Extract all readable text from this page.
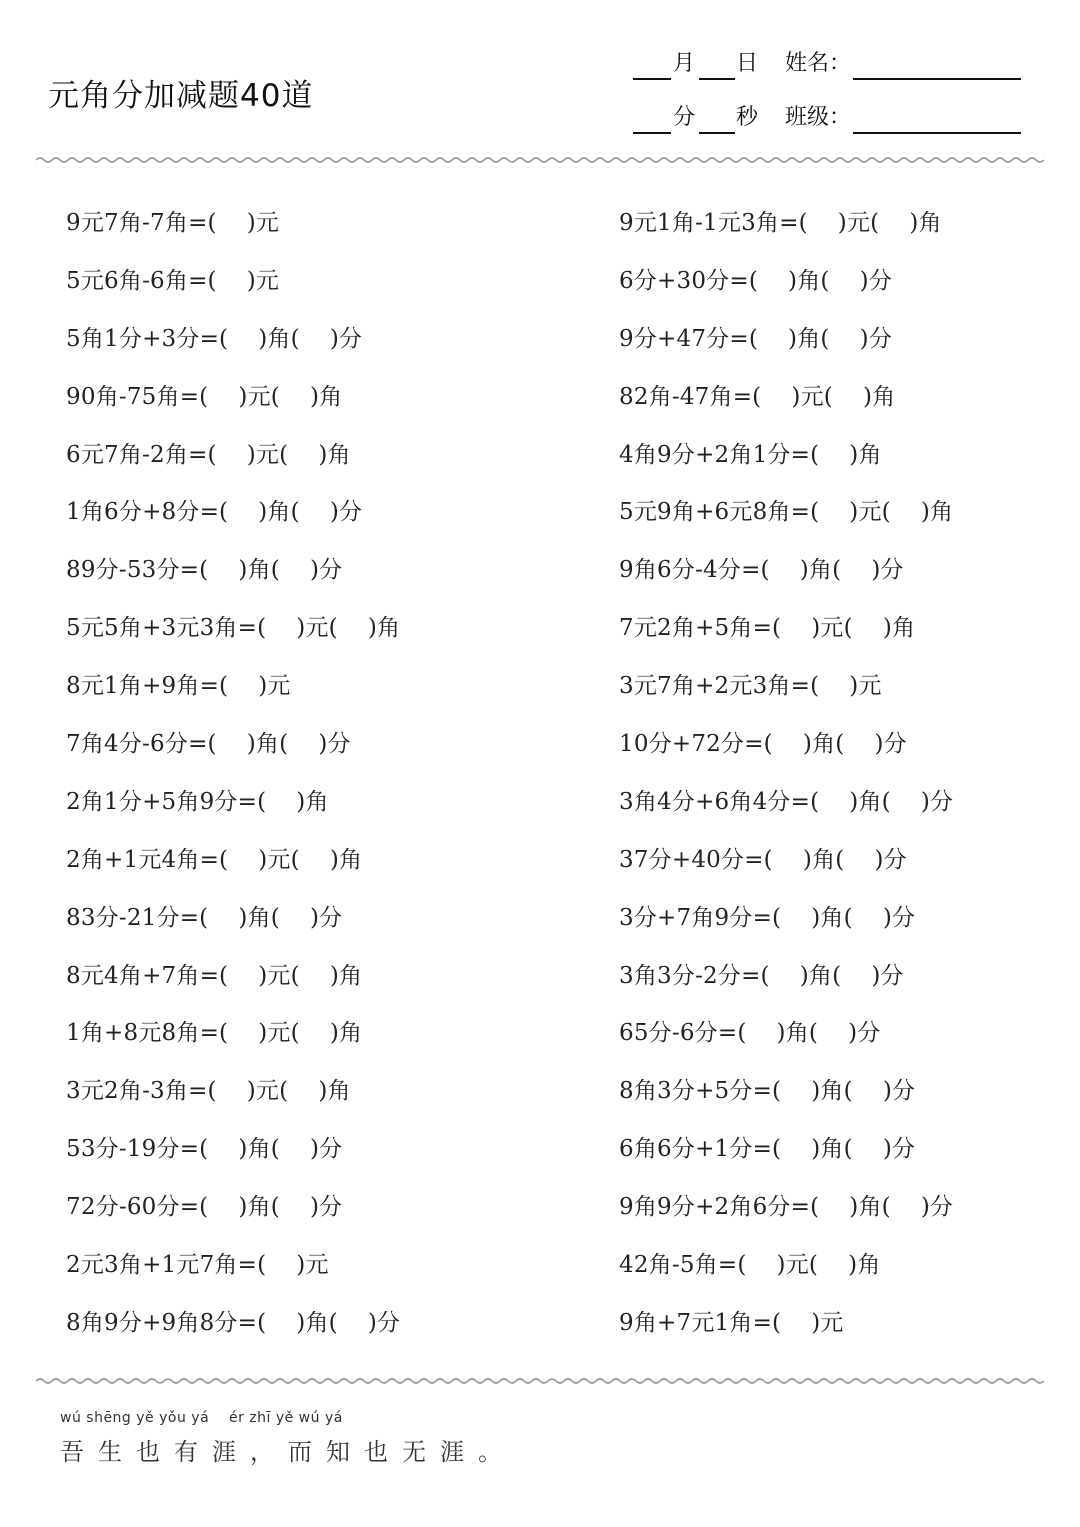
元角分加减题40道
月 日 姓名：
分 秒 班级：
9元7角-7角=(    )元
5元6角-6角=(    )元
5角1分+3分=(    )角(    )分
90角-75角=(    )元(    )角
6元7角-2角=(    )元(    )角
1角6分+8分=(    )角(    )分
89分-53分=(    )角(    )分
5元5角+3元3角=(    )元(    )角
8元1角+9角=(    )元
7角4分-6分=(    )角(    )分
2角1分+5角9分=(    )角
2角+1元4角=(    )元(    )角
83分-21分=(    )角(    )分
8元4角+7角=(    )元(    )角
1角+8元8角=(    )元(    )角
3元2角-3角=(    )元(    )角
53分-19分=(    )角(    )分
72分-60分=(    )角(    )分
2元3角+1元7角=(    )元
8角9分+9角8分=(    )角(    )分
9元1角-1元3角=(    )元(    )角
6分+30分=(    )角(    )分
9分+47分=(    )角(    )分
82角-47角=(    )元(    )角
4角9分+2角1分=(    )角
5元9角+6元8角=(    )元(    )角
9角6分-4分=(    )角(    )分
7元2角+5角=(    )元(    )角
3元7角+2元3角=(    )元
10分+72分=(    )角(    )分
3角4分+6角4分=(    )角(    )分
37分+40分=(    )角(    )分
3分+7角9分=(    )角(    )分
3角3分-2分=(    )角(    )分
65分-6分=(    )角(    )分
8角3分+5分=(    )角(    )分
6角6分+1分=(    )角(    )分
9角9分+2角6分=(    )角(    )分
42角-5角=(    )元(    )角
9角+7元1角=(    )元
wú shēng yě yǒu yá    ér zhī yě wú yá
吾生也有涯，而知也无涯。
